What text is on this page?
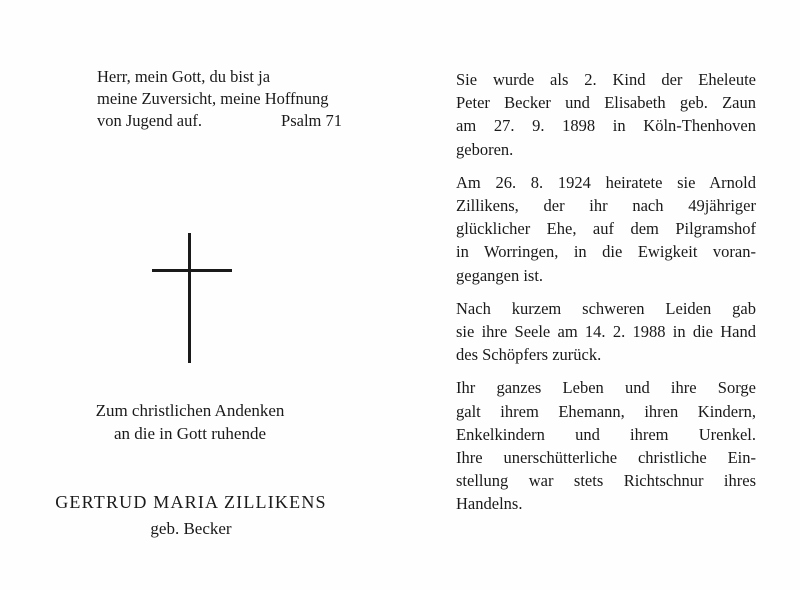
Herr, mein Gott, du bist ja
meine Zuversicht, meine Hoffnung
von Jugend auf.	Psalm 71
Zum christlichen Andenken
an die in Gott ruhende
GERTRUD MARIA ZILLIKENS
geb. Becker
Sie wurde als 2. Kind der Eheleute
Peter Becker und Elisabeth geb. Zaun
am 27. 9. 1898 in Köln-Thenhoven
geboren.
Am 26. 8. 1924 heiratete sie Arnold
Zillikens, der ihr nach 49jähriger
glücklicher Ehe, auf dem Pilgramshof
in Worringen, in die Ewigkeit voran-
gegangen ist.
Nach kurzem schweren Leiden gab
sie ihre Seele am 14. 2. 1988 in die Hand
des Schöpfers zurück.
Ihr ganzes Leben und ihre Sorge
galt ihrem Ehemann, ihren Kindern,
Enkelkindern und ihrem Urenkel.
Ihre unerschütterliche christliche Ein-
stellung war stets Richtschnur ihres
Handelns.
